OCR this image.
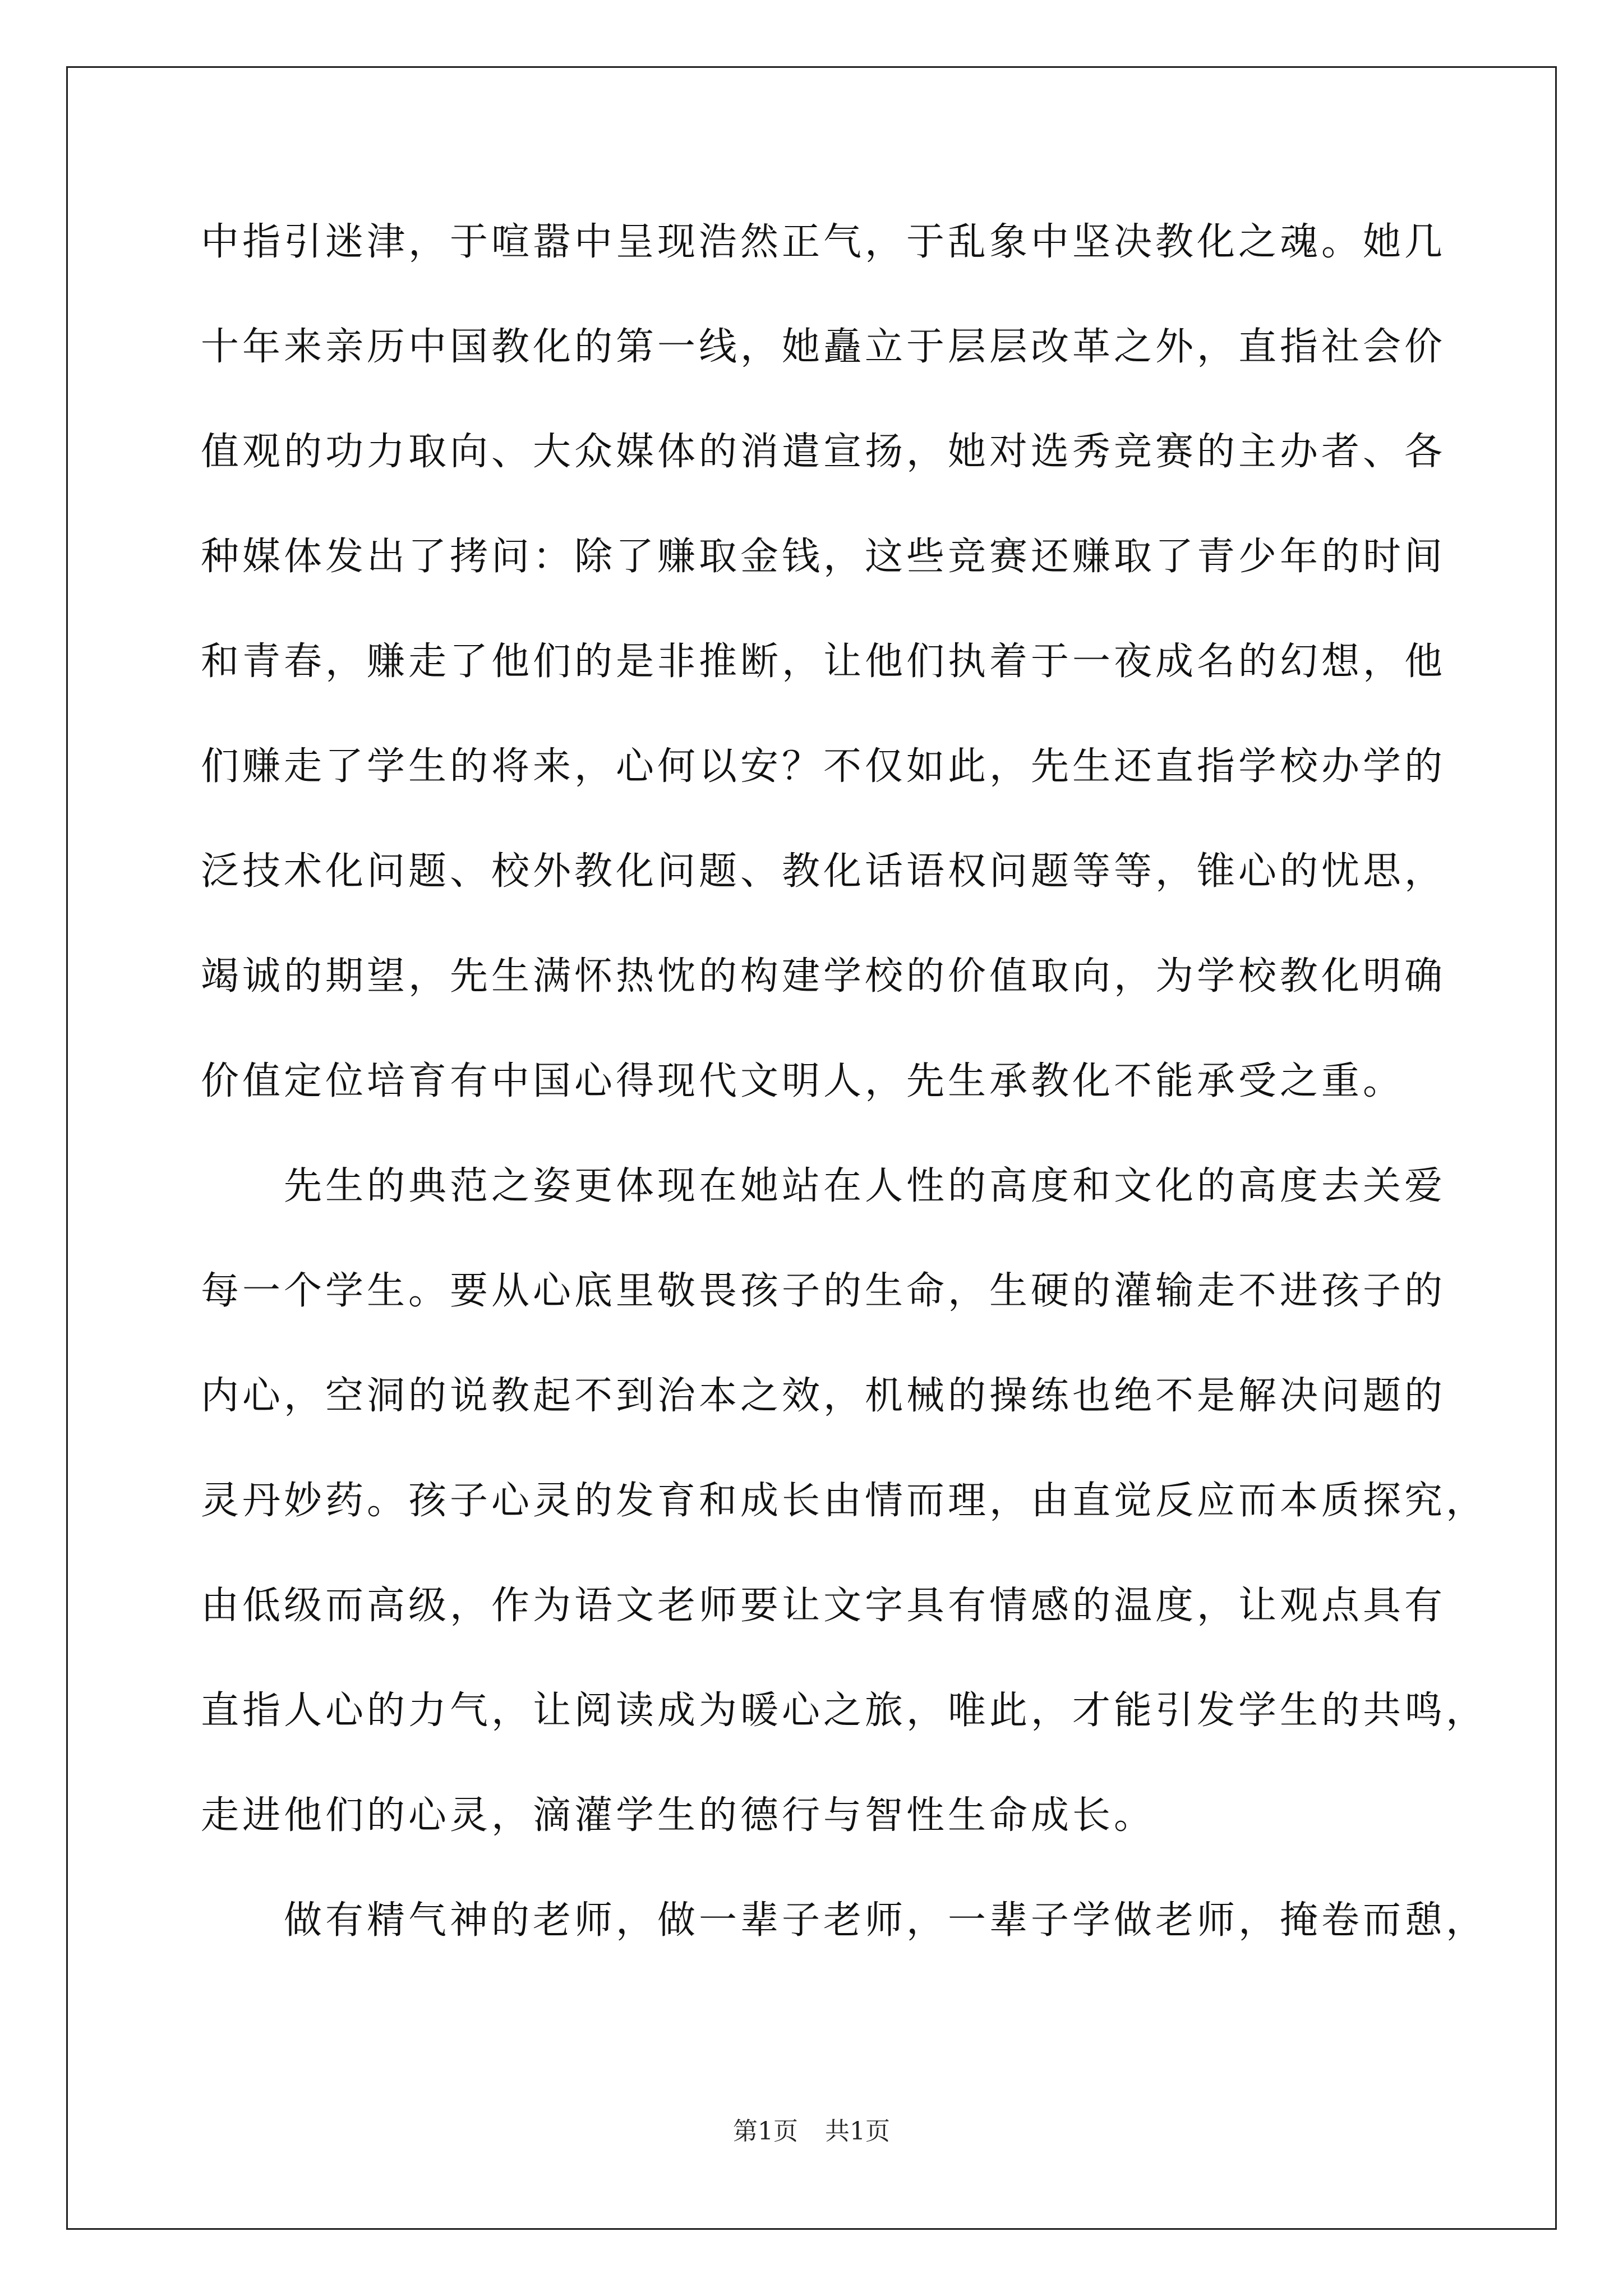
中指引迷津，于喧嚣中呈现浩然正气，于乱象中坚决教化之魂。她几
十年来亲历中国教化的第一线，她矗立于层层改革之外，直指社会价
值观的功力取向、大众媒体的消遣宣扬，她对选秀竞赛的主办者、各
种媒体发出了拷问：除了赚取金钱，这些竞赛还赚取了青少年的时间
和青春，赚走了他们的是非推断，让他们执着于一夜成名的幻想，他
们赚走了学生的将来，心何以安？不仅如此，先生还直指学校办学的
泛技术化问题、校外教化问题、教化话语权问题等等，锥心的忧思，
竭诚的期望，先生满怀热忱的构建学校的价值取向，为学校教化明确
价值定位培育有中国心得现代文明人，先生承教化不能承受之重。
　　先生的典范之姿更体现在她站在人性的高度和文化的高度去关爱
每一个学生。要从心底里敬畏孩子的生命，生硬的灌输走不进孩子的
内心，空洞的说教起不到治本之效，机械的操练也绝不是解决问题的
灵丹妙药。孩子心灵的发育和成长由情而理，由直觉反应而本质探究，
由低级而高级，作为语文老师要让文字具有情感的温度，让观点具有
直指人心的力气，让阅读成为暖心之旅，唯此，才能引发学生的共鸣，
走进他们的心灵，滴灌学生的德行与智性生命成长。
　　做有精气神的老师，做一辈子老师，一辈子学做老师，掩卷而憩，
第1页 共1页
